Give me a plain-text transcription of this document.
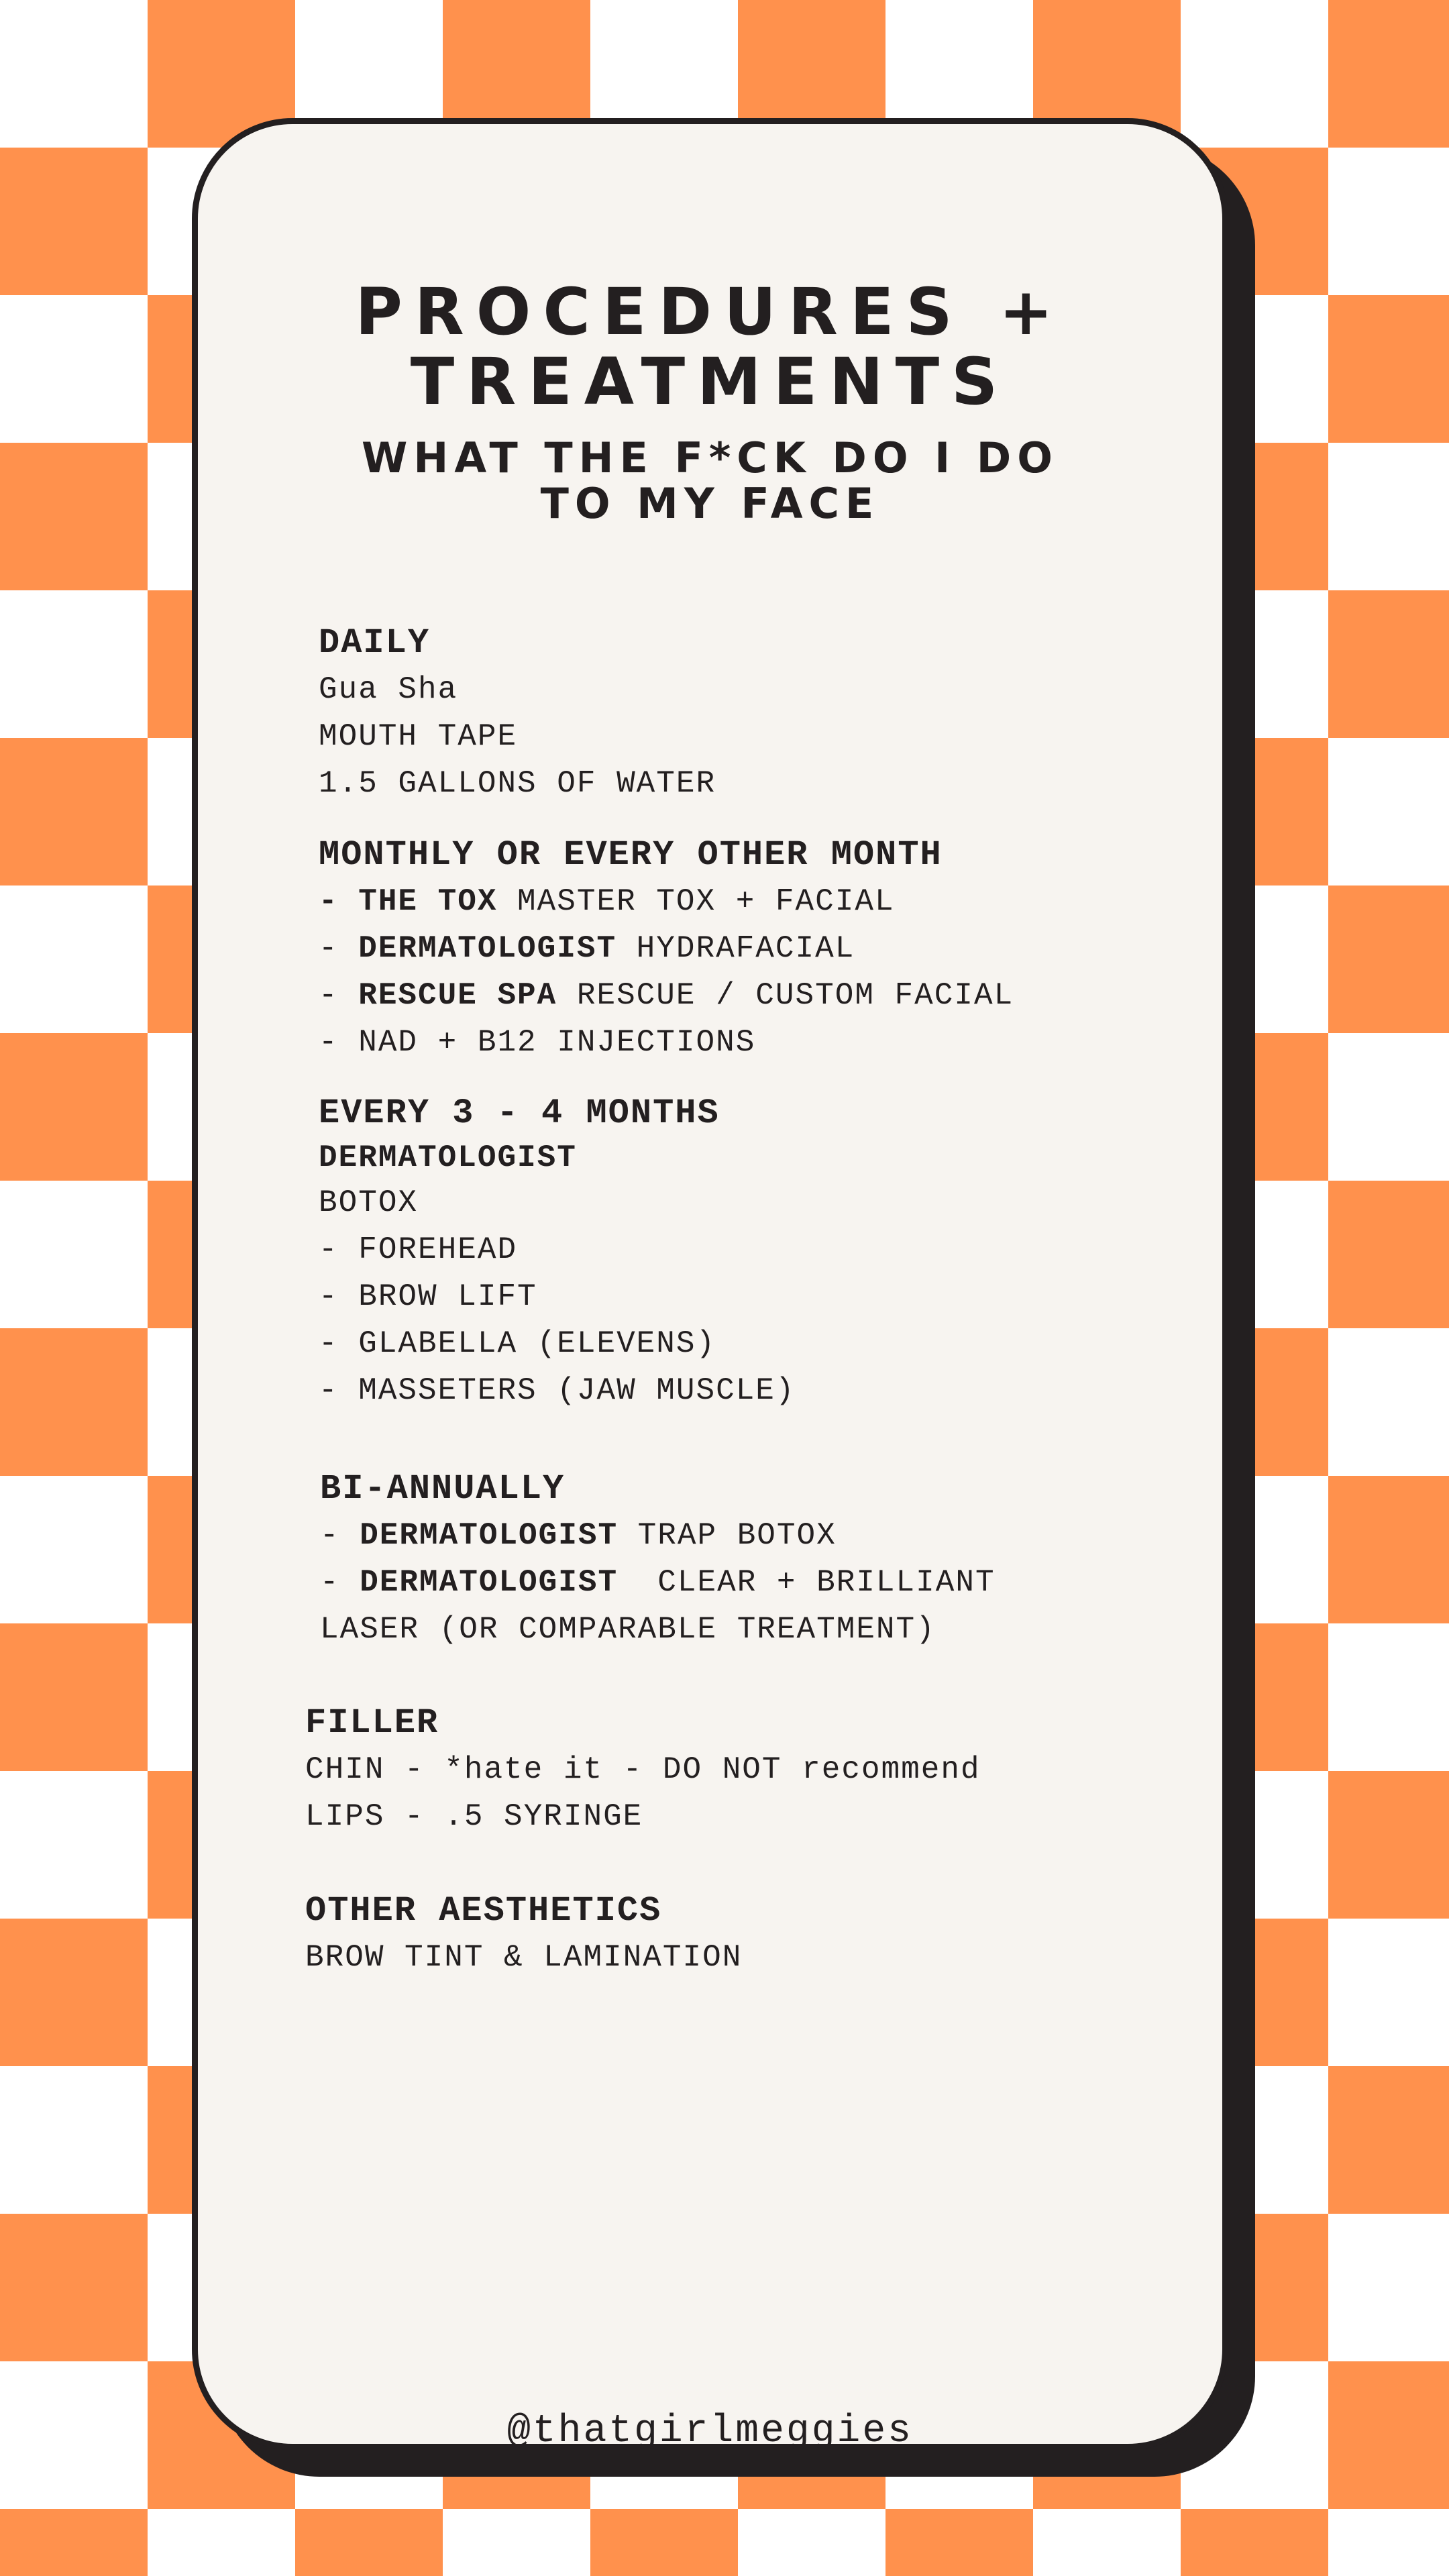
PROCEDURES +
TREATMENTS
WHAT THE F*CK DO I DO
TO MY FACE
DAILY
Gua Sha
MOUTH TAPE
1.5 GALLONS OF WATER
MONTHLY OR EVERY OTHER MONTH
- THE TOX MASTER TOX + FACIAL
- DERMATOLOGIST HYDRAFACIAL
- RESCUE SPA RESCUE / CUSTOM FACIAL
- NAD + B12 INJECTIONS
EVERY 3 - 4 MONTHS
DERMATOLOGIST
BOTOX
- FOREHEAD
- BROW LIFT
- GLABELLA (ELEVENS)
- MASSETERS (JAW MUSCLE)
BI-ANNUALLY
- DERMATOLOGIST TRAP BOTOX
- DERMATOLOGIST  CLEAR + BRILLIANT
LASER (OR COMPARABLE TREATMENT)
FILLER
CHIN - *hate it - DO NOT recommend
LIPS - .5 SYRINGE
OTHER AESTHETICS
BROW TINT & LAMINATION
@thatgirlmeggies
